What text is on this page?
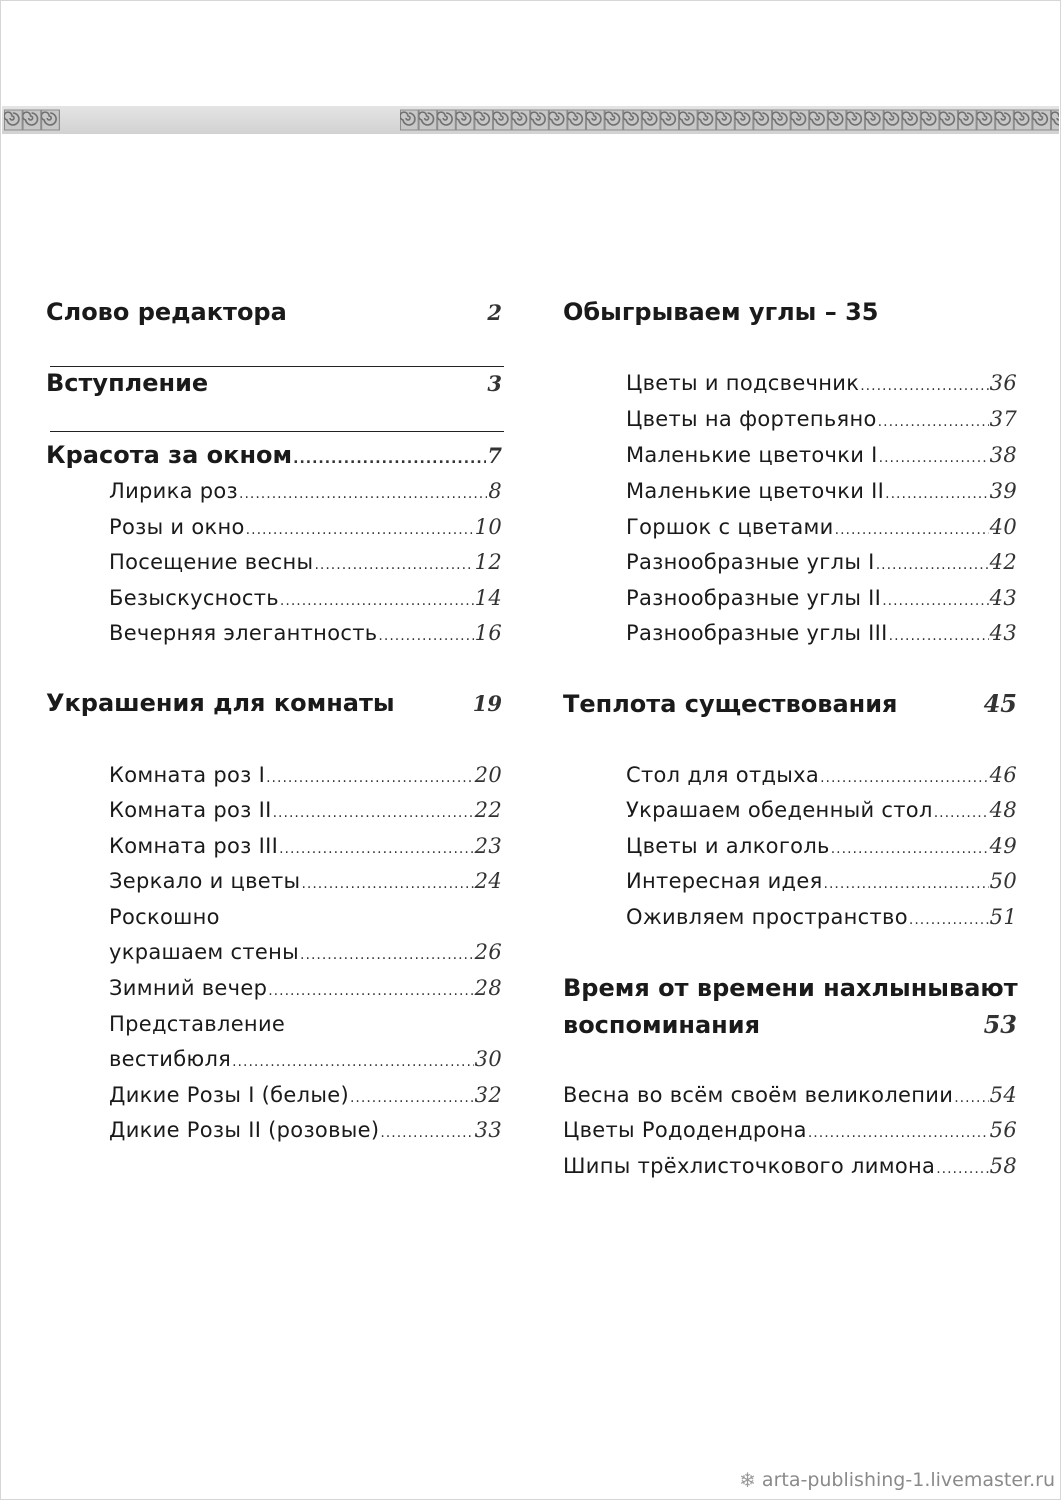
Слово редактора	2
Вступление	3
Красота за окном .....	7
Лирика роз .....	8
Розы и окно .....	10
Посещение весны .....	12
Безыскусность .....	14
Вечерняя элегантность .....	16
Украшения для комнаты	19
Комната роз I .....	20
Комната роз II .....	22
Комната роз III .....	23
Зеркало и цветы .....	24
Роскошно
украшаем стены .....	26
Зимний вечер .....	28
Представление
вестибюля .....	30
Дикие Розы I (белые) .....	32
Дикие Розы II (розовые) .....	33
Обыгрываем углы – 35
Цветы и подсвечник .....	36
Цветы на фортепьяно .....	37
Маленькие цветочки I .....	38
Маленькие цветочки II .....	39
Горшок с цветами .....	40
Разнообразные углы I .....	42
Разнообразные углы II .....	43
Разнообразные углы III .....	43
Теплота существования	45
Стол для отдыха .....	46
Украшаем обеденный стол .....	48
Цветы и алкоголь .....	49
Интересная идея .....	50
Оживляем пространство .....	51
Время от времени нахлынывают
воспоминания	53
Весна во всём своём великолепии ..... 54
Цветы Рододендрона .....	56
Шипы трёхлисточкового лимона .....	58
❄ arta-publishing-1.livemaster.ru
